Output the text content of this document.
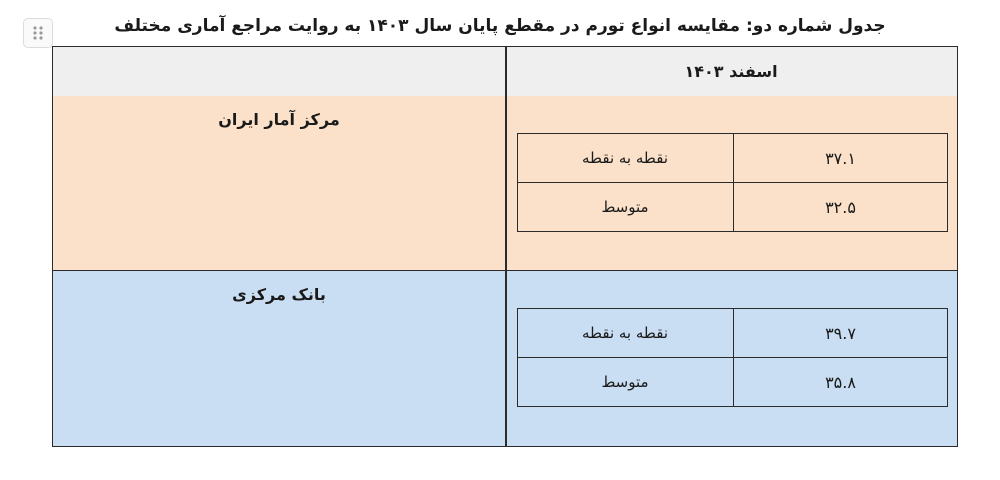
جدول شماره دو: مقایسه انواع تورم در مقطع پایان سال ۱۴۰۳ به روایت مراجع آماری مختلف
اسفند ۱۴۰۳
مرکز آمار ایران
نقطه به نقطه	۳۷.۱
متوسط	۳۲.۵
بانک مرکزی
نقطه به نقطه	۳۹.۷
متوسط	۳۵.۸
